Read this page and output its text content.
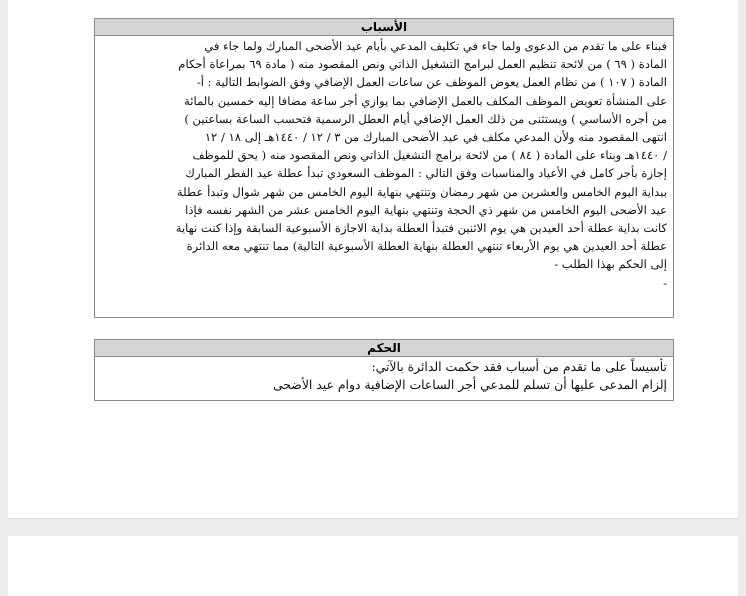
الأسباب
فبناء على ما تقدم من الدعوى ولما جاء في تكليف المدعي بأيام عيد الأضحى المبارك ولما جاء في
المادة ( ٦٩ ) من لائحة تنظيم العمل لبرامج التشغيل الذاتي ونص المقصود منه ( مادة ٦٩ بمراعاة أحكام
المادة ( ١٠٧ ) من نظام العمل يعوض الموظف عن ساعات العمل الإضافي وفق الضوابط التالية : أ-
على المنشأة تعويض الموظف المكلف بالعمل الإضافي بما يوازي أجر ساعة مضافا إليه خمسين بالمائة
من أجره الأساسي ) ويستثنى من ذلك العمل الإضافي أيام العطل الرسمية فتحسب الساعة بساعتين )
انتهى المقصود منه ولأن المدعي مكلف في عيد الأضحى المبارك من ٣ / ١٢ / ١٤٤٠هـ إلى ١٨ / ١٢
/ ١٤٤٠هـ وبناء على المادة ( ٨٤ ) من لائحة برامج التشغيل الذاتي ونص المقصود منه ( يحق للموظف
إجازة بأجر كامل في الأعياد والمناسبات وفق التالي : الموظف السعودي تبدأ عطلة عيد الفطر المبارك
ببداية اليوم الخامس والعشرين من شهر رمضان وتنتهي بنهاية اليوم الخامس من شهر شوال وتبدأ عطلة
عيد الأضحى اليوم الخامس من شهر ذي الحجة وتنتهي بنهاية اليوم الخامس عشر من الشهر نفسه فإذا
كانت بداية عطلة أحد العيدين هي يوم الاثنين فتبدأ العطلة بداية الاجازة الأسبوعية السابقة وإذا كنت نهاية
عطلة أحد العيدين هي يوم الأربعاء تنتهي العطلة بنهاية العطلة الأسبوعية التالية) مما تنتهي معه الدائرة
إلى الحكم بهذا الطلب -
-
الحكم
تأسيساً على ما تقدم من أسباب فقد حكمت الدائرة بالآتي:
إلزام المدعى عليها أن تسلم للمدعي أجر الساعات الإضافية دوام عيد الأضحى
